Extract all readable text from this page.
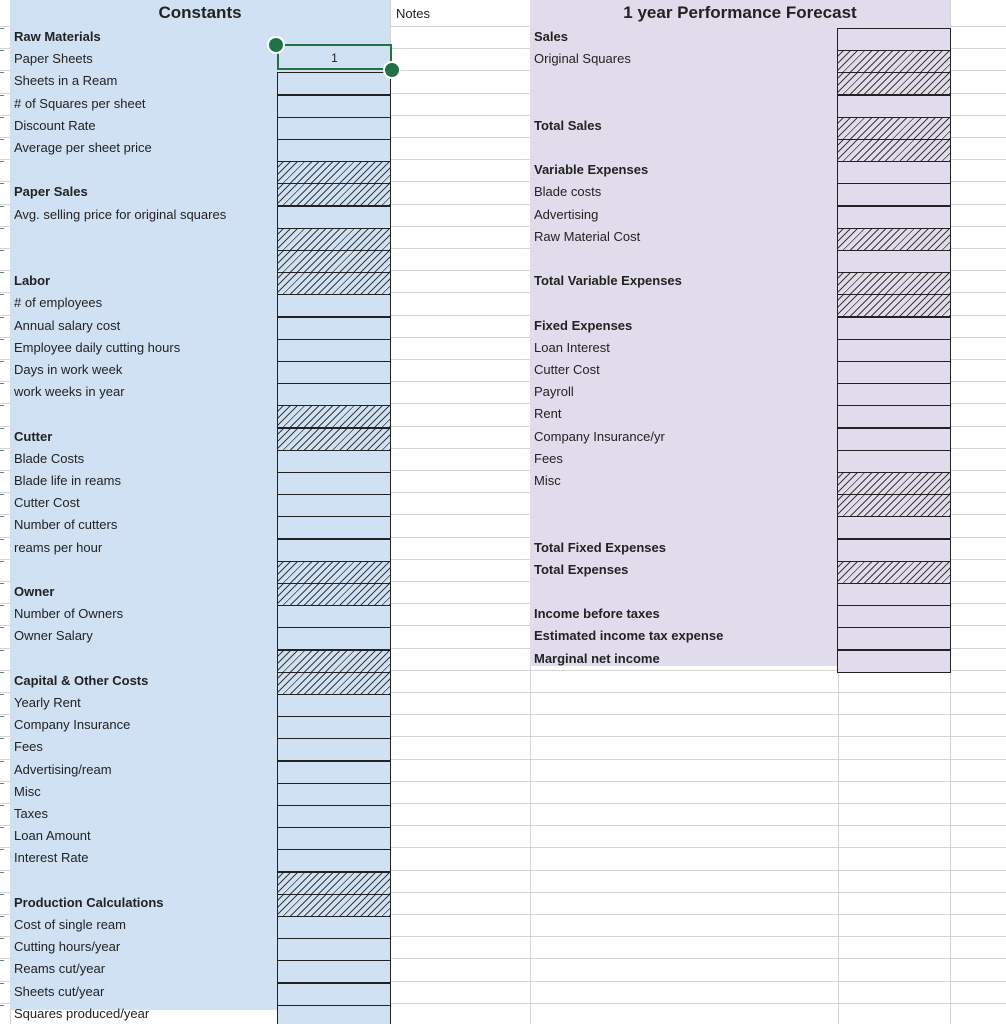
Constants	Notes	1 year Performance Forecast
Raw Materials
Paper Sheets
Sheets in a Ream
# of Squares per sheet
Discount Rate
Average per sheet price
Paper Sales
Avg. selling price for original squares
Labor
# of employees
Annual salary cost
Employee daily cutting hours
Days in work week
work weeks in year
Cutter
Blade Costs
Blade life in reams
Cutter Cost
Number of cutters
reams per hour
Owner
Number of Owners
Owner Salary
Capital & Other Costs
Yearly Rent
Company Insurance
Fees
Advertising/ream
Misc
Taxes
Loan Amount
Interest Rate
Production Calculations
Cost of single ream
Cutting hours/year
Reams cut/year
Sheets cut/year
Squares produced/year
Sales
Original Squares
Total Sales
Variable Expenses
Blade costs
Advertising
Raw Material Cost
Total Variable Expenses
Fixed Expenses
Loan Interest
Cutter Cost
Payroll
Rent
Company Insurance/yr
Fees
Misc
Total Fixed Expenses
Total Expenses
Income before taxes
Estimated income tax expense
Marginal net income
1
